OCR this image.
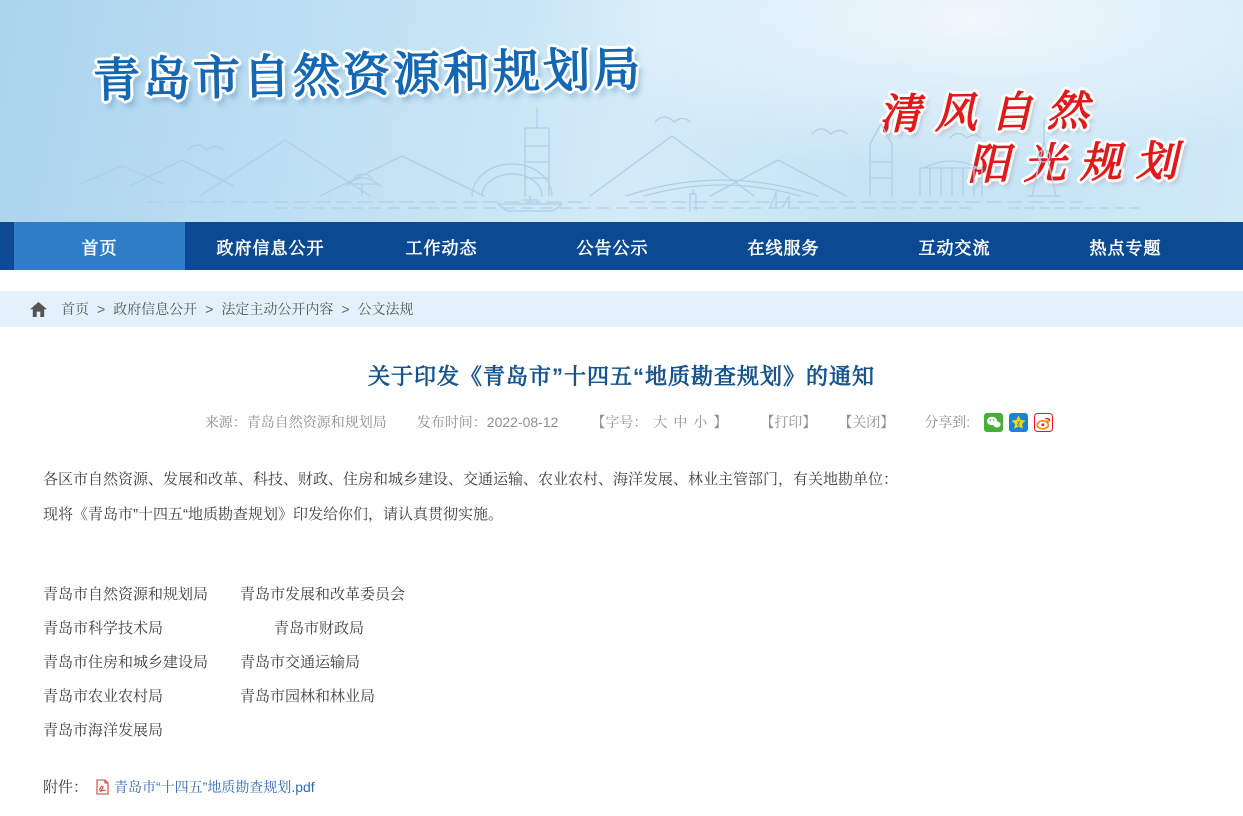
青岛市自然资源和规划局
清风自然
阳光规划
首页	政府信息公开	工作动态	公告公示	在线服务	互动交流	热点专题
首页 > 政府信息公开 > 法定主动公开内容 > 公文法规
关于印发《青岛市”十四五“地质勘查规划》的通知
来源：青岛自然资源和规划局 发布时间：2022-08-12 【字号： 大 中 小 】 【打印】 【关闭】 分享到:	z

各区市自然资源、发展和改革、科技、财政、住房和城乡建设、交通运输、农业农村、海洋发展、林业主管部门，有关地勘单位：

现将《青岛市”十四五“地质勘查规划》印发给你们，请认真贯彻实施。

青岛市自然资源和规划局	青岛市发展和改革委员会
青岛市科学技术局	青岛市财政局
青岛市住房和城乡建设局	青岛市交通运输局
青岛市农业农村局	青岛市园林和林业局
青岛市海洋发展局
附件： 青岛市“十四五”地质勘查规划.pdf
